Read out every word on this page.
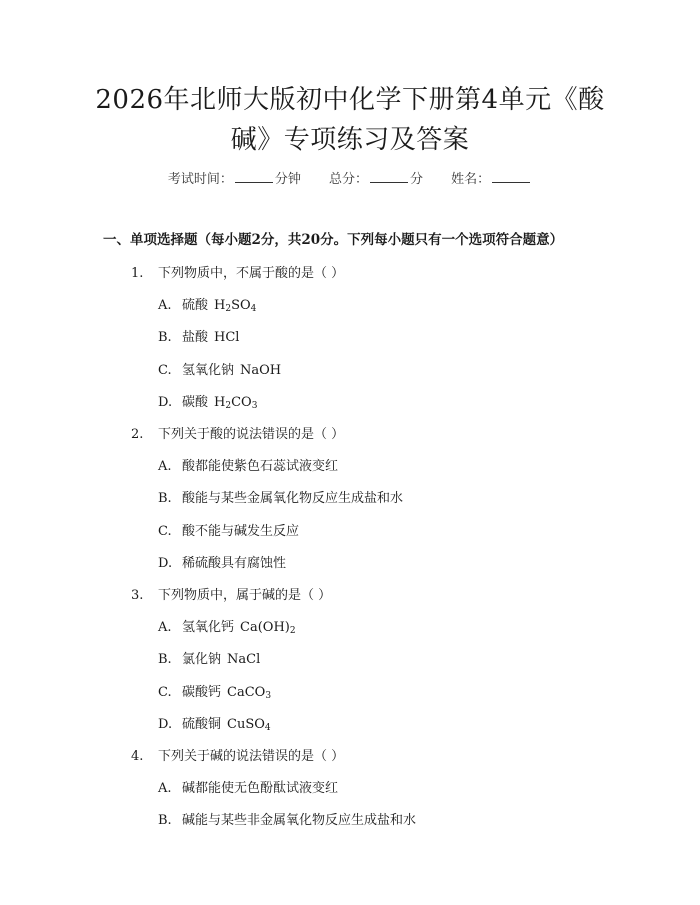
2026年北师大版初中化学下册第4单元《酸
碱》专项练习及答案
考试时间：	分钟 总分：	分 姓名：
一、单项选择题（每小题2分，共20分。下列每小题只有一个选项符合题意）
1. 下列物质中，不属于酸的是（ ）
A. 硫酸 $H_2SO_4$
B. 盐酸 HCl
C. 氢氧化钠 NaOH
D. 碳酸 $H_2CO_3$
2. 下列关于酸的说法错误的是（ ）
A. 酸都能使紫色石蕊试液变红
B. 酸能与某些金属氧化物反应生成盐和水
C. 酸不能与碱发生反应
D. 稀硫酸具有腐蚀性
3. 下列物质中，属于碱的是（ ）
A. 氢氧化钙 $Ca(OH)_2$
B. 氯化钠 NaCl
C. 碳酸钙 CaCO$_3$
D. 硫酸铜 CuSO$_4$
4. 下列关于碱的说法错误的是（ ）
A. 碱都能使无色酚酞试液变红
B. 碱能与某些非金属氧化物反应生成盐和水
